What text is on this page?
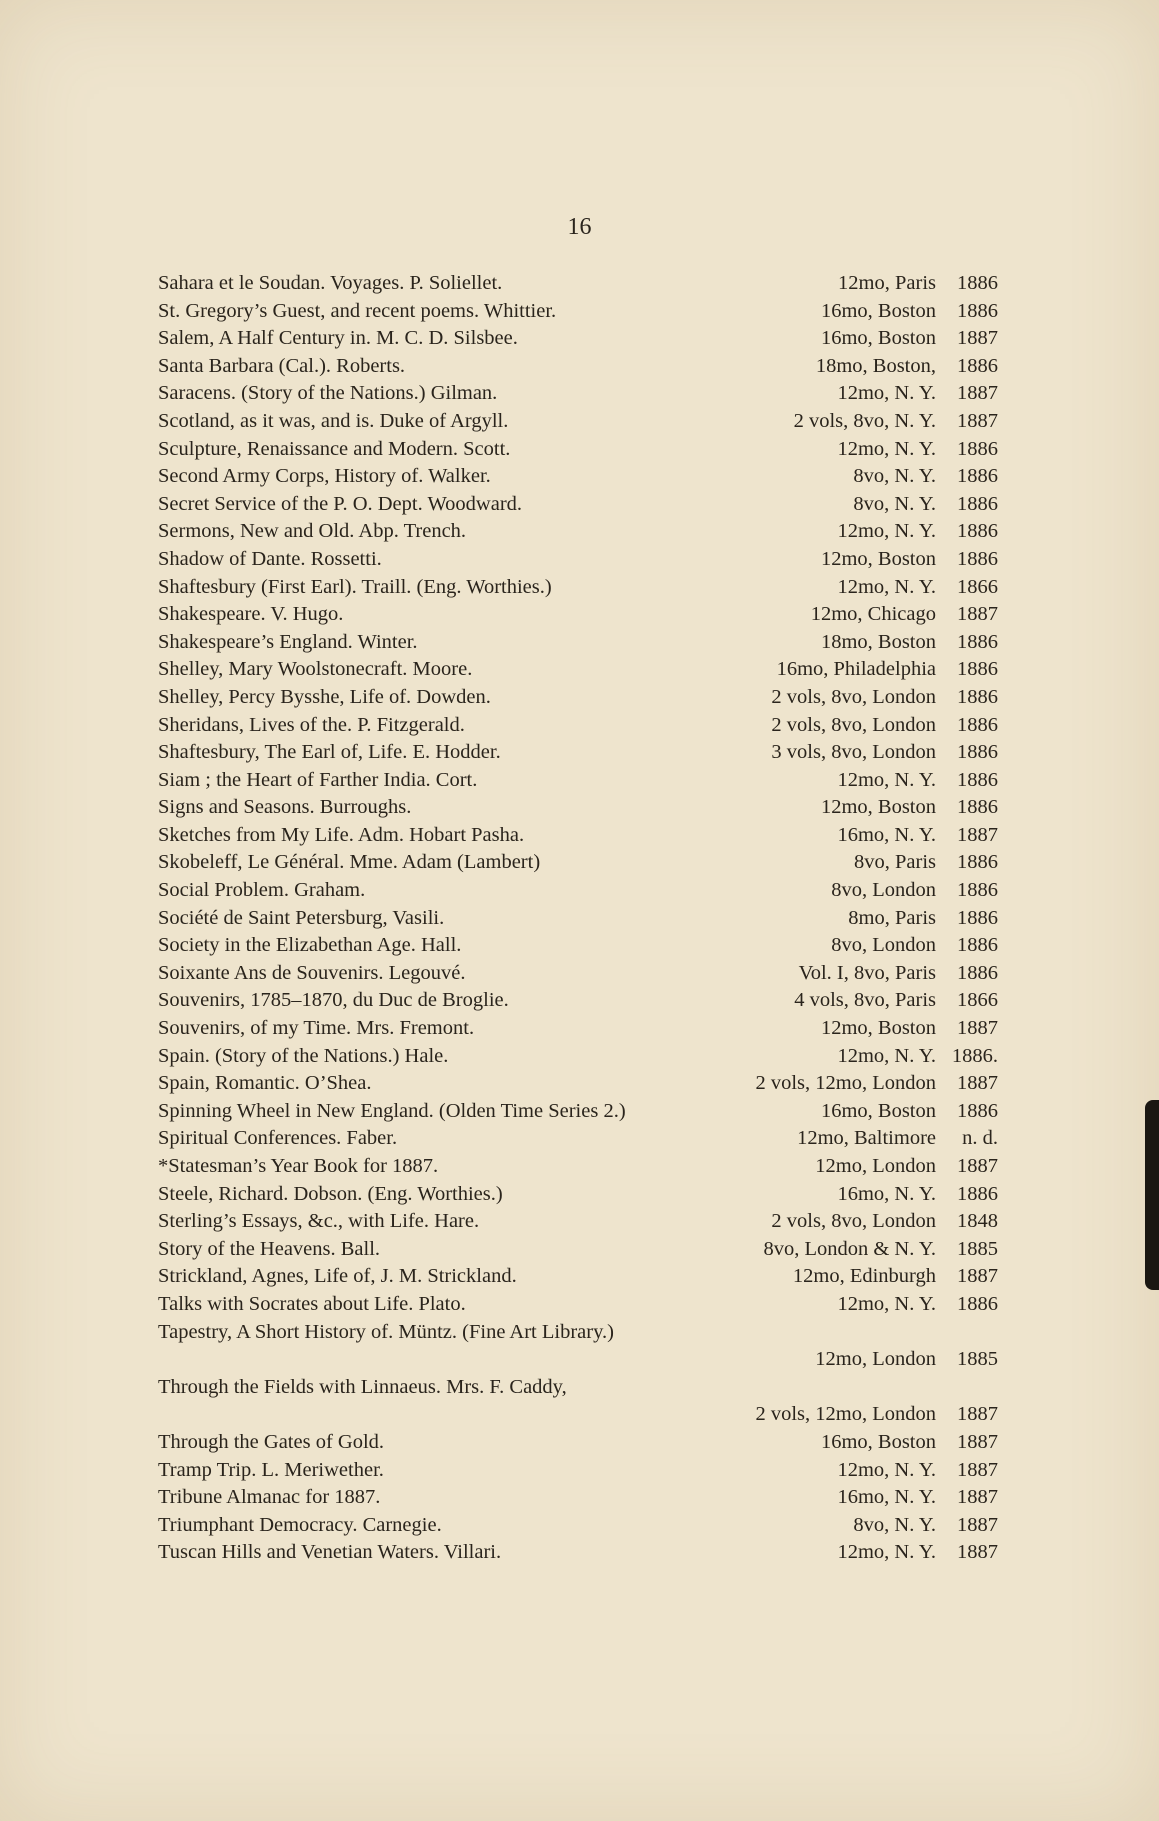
16
Sahara et le Soudan. Voyages. P. Soliellet.	12mo, Paris 1886
St. Gregory’s Guest, and recent poems. Whittier.	16mo, Boston 1886
Salem, A Half Century in. M. C. D. Silsbee.	16mo, Boston 1887
Santa Barbara (Cal.). Roberts.	18mo, Boston, 1886
Saracens. (Story of the Nations.) Gilman.	12mo, N. Y. 1887
Scotland, as it was, and is. Duke of Argyll.	2 vols, 8vo, N. Y. 1887
Sculpture, Renaissance and Modern. Scott.	12mo, N. Y. 1886
Second Army Corps, History of. Walker.	8vo, N. Y. 1886
Secret Service of the P. O. Dept. Woodward.	8vo, N. Y. 1886
Sermons, New and Old. Abp. Trench.	12mo, N. Y. 1886
Shadow of Dante. Rossetti.	12mo, Boston 1886
Shaftesbury (First Earl). Traill. (Eng. Worthies.)	12mo, N. Y. 1866
Shakespeare. V. Hugo.	12mo, Chicago 1887
Shakespeare’s England. Winter.	18mo, Boston 1886
Shelley, Mary Woolstonecraft. Moore.	16mo, Philadelphia 1886
Shelley, Percy Bysshe, Life of. Dowden.	2 vols, 8vo, London 1886
Sheridans, Lives of the. P. Fitzgerald.	2 vols, 8vo, London 1886
Shaftesbury, The Earl of, Life. E. Hodder.	3 vols, 8vo, London 1886
Siam ; the Heart of Farther India. Cort.	12mo, N. Y. 1886
Signs and Seasons. Burroughs.	12mo, Boston 1886
Sketches from My Life. Adm. Hobart Pasha.	16mo, N. Y. 1887
Skobeleff, Le Général. Mme. Adam (Lambert)	8vo, Paris 1886
Social Problem. Graham.	8vo, London 1886
Société de Saint Petersburg, Vasili.	8mo, Paris 1886
Society in the Elizabethan Age. Hall.	8vo, London 1886
Soixante Ans de Souvenirs. Legouvé.	Vol. I, 8vo, Paris 1886
Souvenirs, 1785–1870, du Duc de Broglie.	4 vols, 8vo, Paris 1866
Souvenirs, of my Time. Mrs. Fremont.	12mo, Boston 1887
Spain. (Story of the Nations.) Hale.	12mo, N. Y. 1886.
Spain, Romantic. O’Shea.	2 vols, 12mo, London 1887
Spinning Wheel in New England. (Olden Time Series 2.)	16mo, Boston 1886
Spiritual Conferences. Faber.	12mo, Baltimore n. d.
*Statesman’s Year Book for 1887.	12mo, London 1887
Steele, Richard. Dobson. (Eng. Worthies.)	16mo, N. Y. 1886
Sterling’s Essays, &c., with Life. Hare.	2 vols, 8vo, London 1848
Story of the Heavens. Ball.	8vo, London & N. Y. 1885
Strickland, Agnes, Life of, J. M. Strickland.	12mo, Edinburgh 1887
Talks with Socrates about Life. Plato.	12mo, N. Y. 1886
Tapestry, A Short History of. Müntz. (Fine Art Library.)
12mo, London 1885
Through the Fields with Linnaeus. Mrs. F. Caddy,
2 vols, 12mo, London 1887
Through the Gates of Gold.	16mo, Boston 1887
Tramp Trip. L. Meriwether.	12mo, N. Y. 1887
Tribune Almanac for 1887.	16mo, N. Y. 1887
Triumphant Democracy. Carnegie.	8vo, N. Y. 1887
Tuscan Hills and Venetian Waters. Villari.	12mo, N. Y. 1887
